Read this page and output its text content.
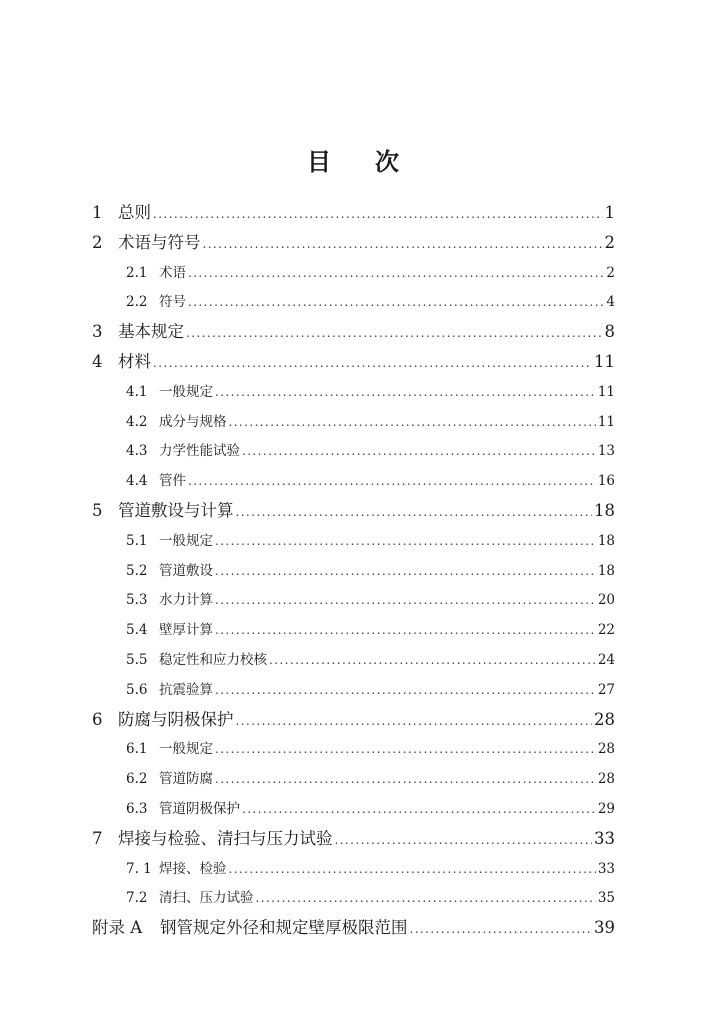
目 次
1 总则 .....	1
2 术语与符号 .....	2
2.1 术语 .....	2
2.2 符号 .....	4
3 基本规定 .....	8
4 材料 .....	11
4.1 一般规定 .....	11
4.2 成分与规格 .....	11
4.3 力学性能试验 .....	13
4.4 管件 .....	16
5 管道敷设与计算 .....	18
5.1 一般规定 .....	18
5.2 管道敷设 .....	18
5.3 水力计算 .....	20
5.4 壁厚计算 .....	22
5.5 稳定性和应力校核 .....	24
5.6 抗震验算 .....	27
6 防腐与阴极保护 .....	28
6.1 一般规定 .....	28
6.2 管道防腐 .....	28
6.3 管道阴极保护 .....	29
7 焊接与检验、清扫与压力试验 .....	33
7. 1 焊接、检验 .....	33
7.2 清扫、压力试验 .....	35
附录 A	钢管规定外径和规定壁厚极限范围 .....	39
